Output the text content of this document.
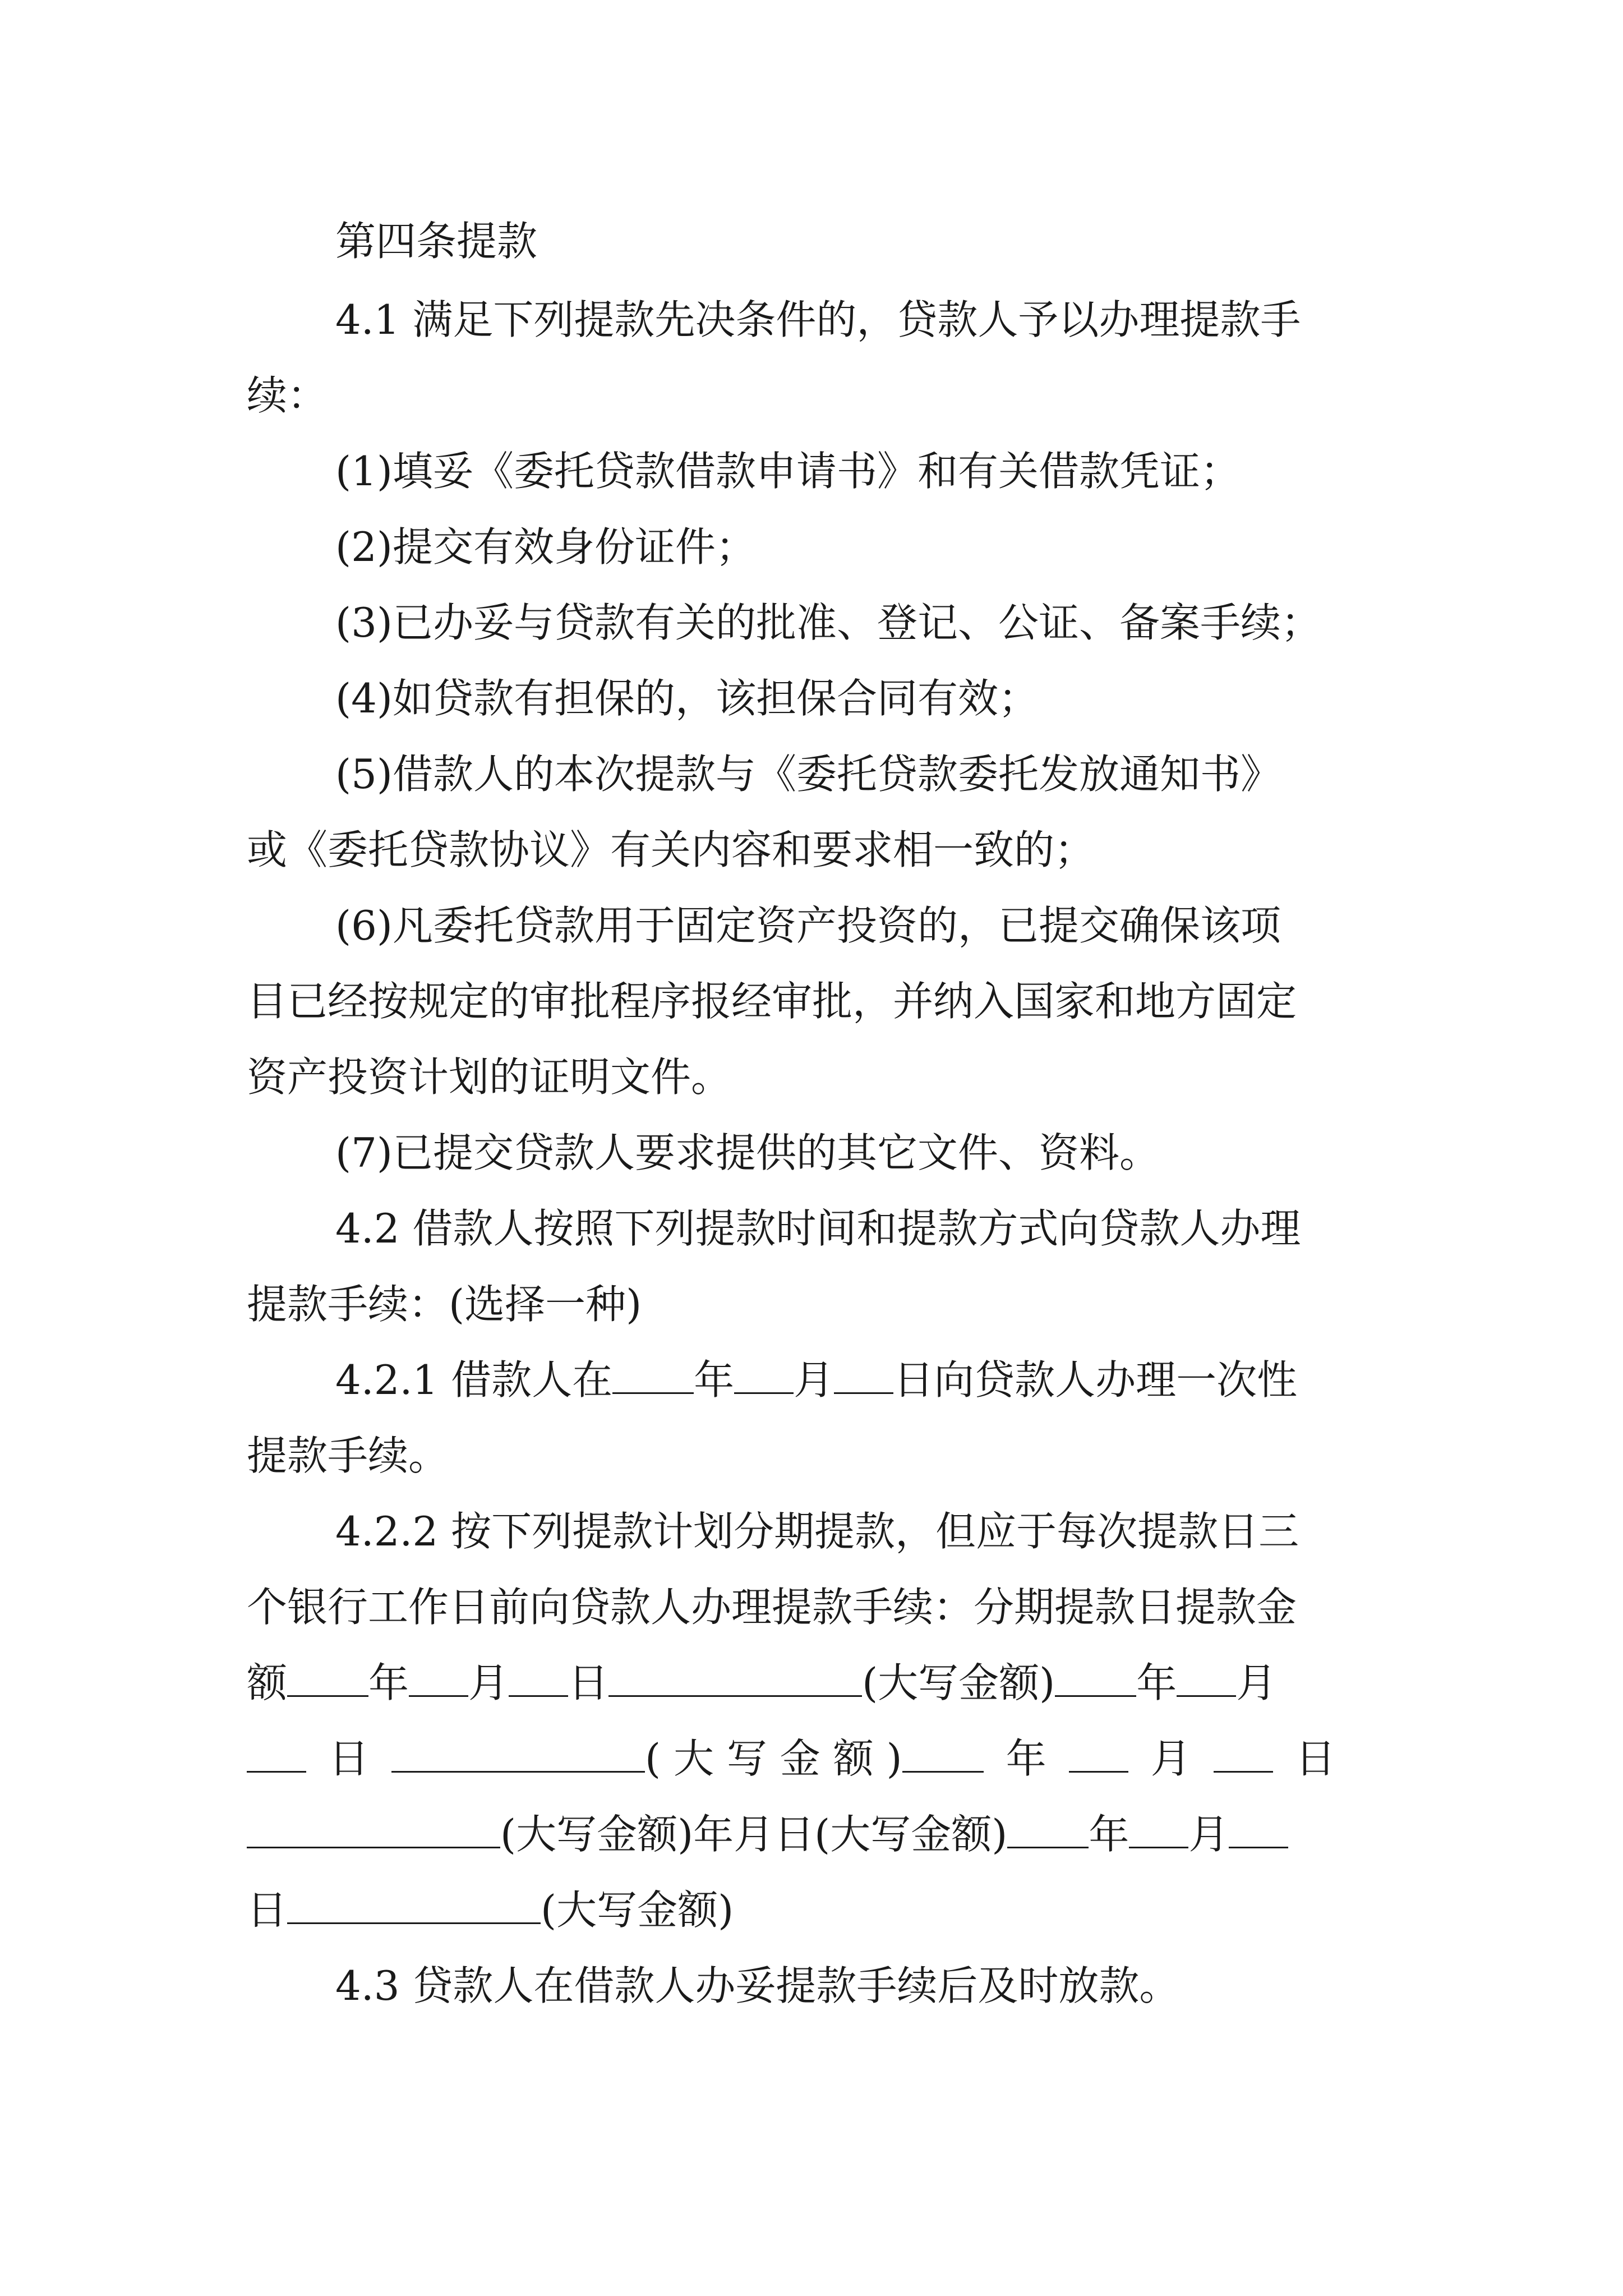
第四条提款

4.1 满足下列提款先决条件的，贷款人予以办理提款手

续：

(1)填妥《委托贷款借款申请书》和有关借款凭证；

(2)提交有效身份证件；

(3)已办妥与贷款有关的批准、登记、公证、备案手续；

(4)如贷款有担保的，该担保合同有效；

(5)借款人的本次提款与《委托贷款委托发放通知书》

或《委托贷款协议》有关内容和要求相一致的；

(6)凡委托贷款用于固定资产投资的，已提交确保该项

目已经按规定的审批程序报经审批，并纳入国家和地方固定

资产投资计划的证明文件。

(7)已提交贷款人要求提供的其它文件、资料。

4.2 借款人按照下列提款时间和提款方式向贷款人办理

提款手续：(选择一种)

4.2.1 借款人在 年 月 日向贷款人办理一次性

提款手续。

4.2.2 按下列提款计划分期提款，但应于每次提款日三

个银行工作日前向贷款人办理提款手续：分期提款日提款金

额 年 月 日	(大写金额) 年 月

日	( 大 写 金 额 )	年	月	日

(大写金额)年月日(大写金额) 年 月

日	(大写金额)

4.3 贷款人在借款人办妥提款手续后及时放款。
